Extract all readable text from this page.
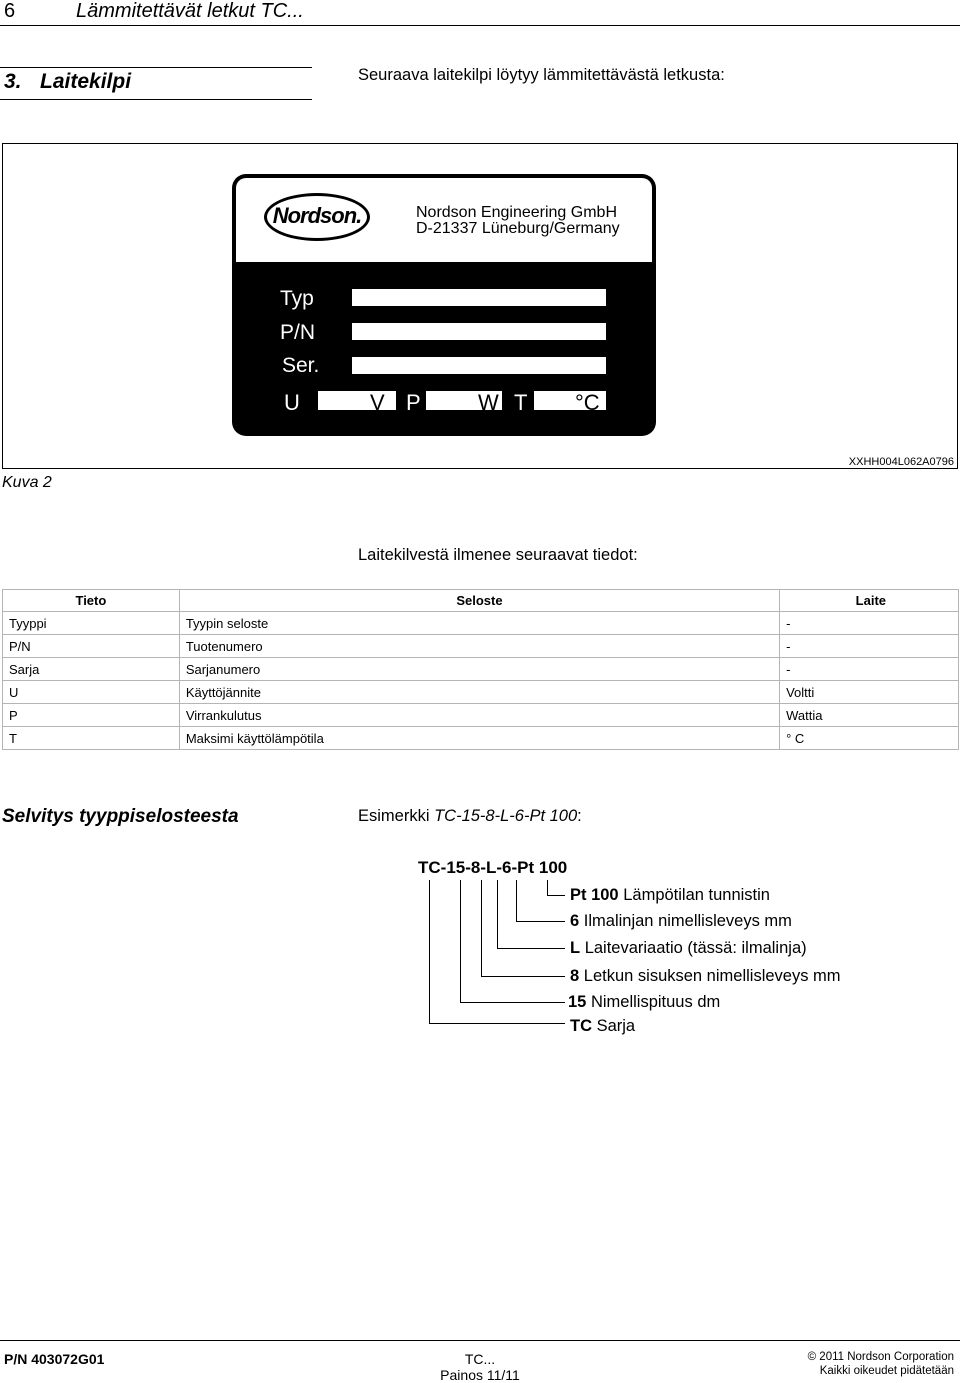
6	Lämmitettävät letkut TC...
3. Laitekilpi	Seuraava laitekilpi löytyy lämmitettävästä letkusta:
Nordson.	Nordson Engineering GmbH
D-21337 Lüneburg/Germany
Typ
P/N
Ser.
U	V P	W T °C
XXHH004L062A0796
Kuva 2
Laitekilvestä ilmenee seuraavat tiedot:
Tieto	Seloste	Laite
Tyyppi	Tyypin seloste	-
P/N	Tuotenumero	-
Sarja	Sarjanumero	-
U	Käyttöjännite	Voltti
P	Virrankulutus	Wattia
T	Maksimi käyttölämpötila	° C
Selvitys tyyppiselosteesta	Esimerkki TC-15-8-L-6-Pt 100:
TC-15-8-L-6-Pt 100
Pt 100 Lämpötilan tunnistin
6 Ilmalinjan nimellisleveys mm
L Laitevariaatio (tässä: ilmalinja)
8 Letkun sisuksen nimellisleveys mm
15 Nimellispituus dm
TC Sarja
P/N 403072G01	TC...
Painos 11/11
© 2011 Nordson Corporation
Kaikki oikeudet pidätetään
